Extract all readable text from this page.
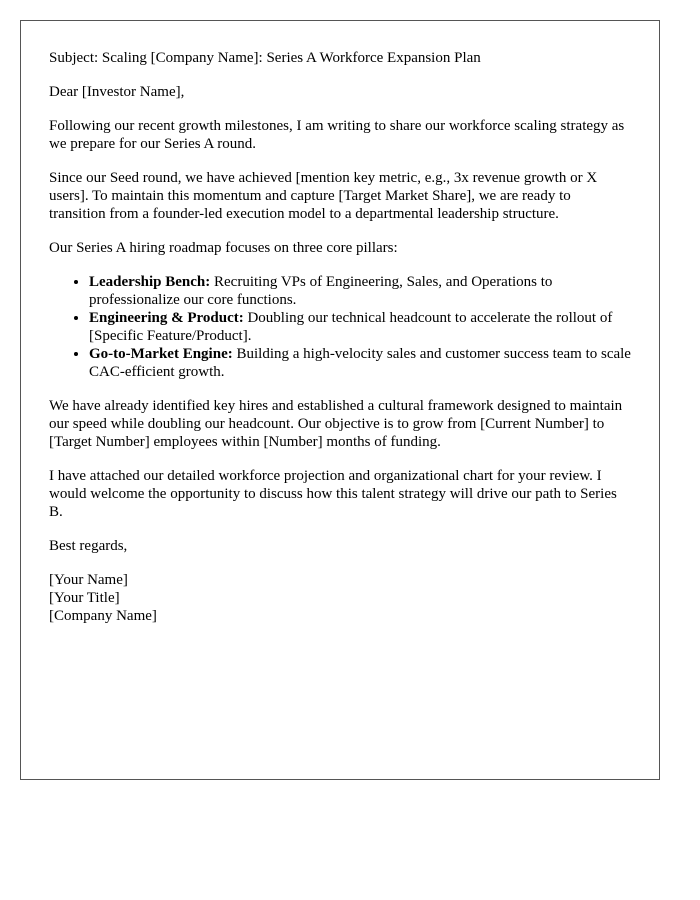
Subject: Scaling [Company Name]: Series A Workforce Expansion Plan

Dear [Investor Name],

Following our recent growth milestones, I am writing to share our workforce scaling strategy as we prepare for our Series A round.

Since our Seed round, we have achieved [mention key metric, e.g., 3x revenue growth or X users]. To maintain this momentum and capture [Target Market Share], we are ready to transition from a founder-led execution model to a departmental leadership structure.

Our Series A hiring roadmap focuses on three core pillars:

• Leadership Bench: Recruiting VPs of Engineering, Sales, and Operations to professionalize our core functions.
• Engineering & Product: Doubling our technical headcount to accelerate the rollout of [Specific Feature/Product].
• Go-to-Market Engine: Building a high-velocity sales and customer success team to scale CAC-efficient growth.

We have already identified key hires and established a cultural framework designed to maintain our speed while doubling our headcount. Our objective is to grow from [Current Number] to [Target Number] employees within [Number] months of funding.

I have attached our detailed workforce projection and organizational chart for your review. I would welcome the opportunity to discuss how this talent strategy will drive our path to Series B.

Best regards,

[Your Name]
[Your Title]
[Company Name]
